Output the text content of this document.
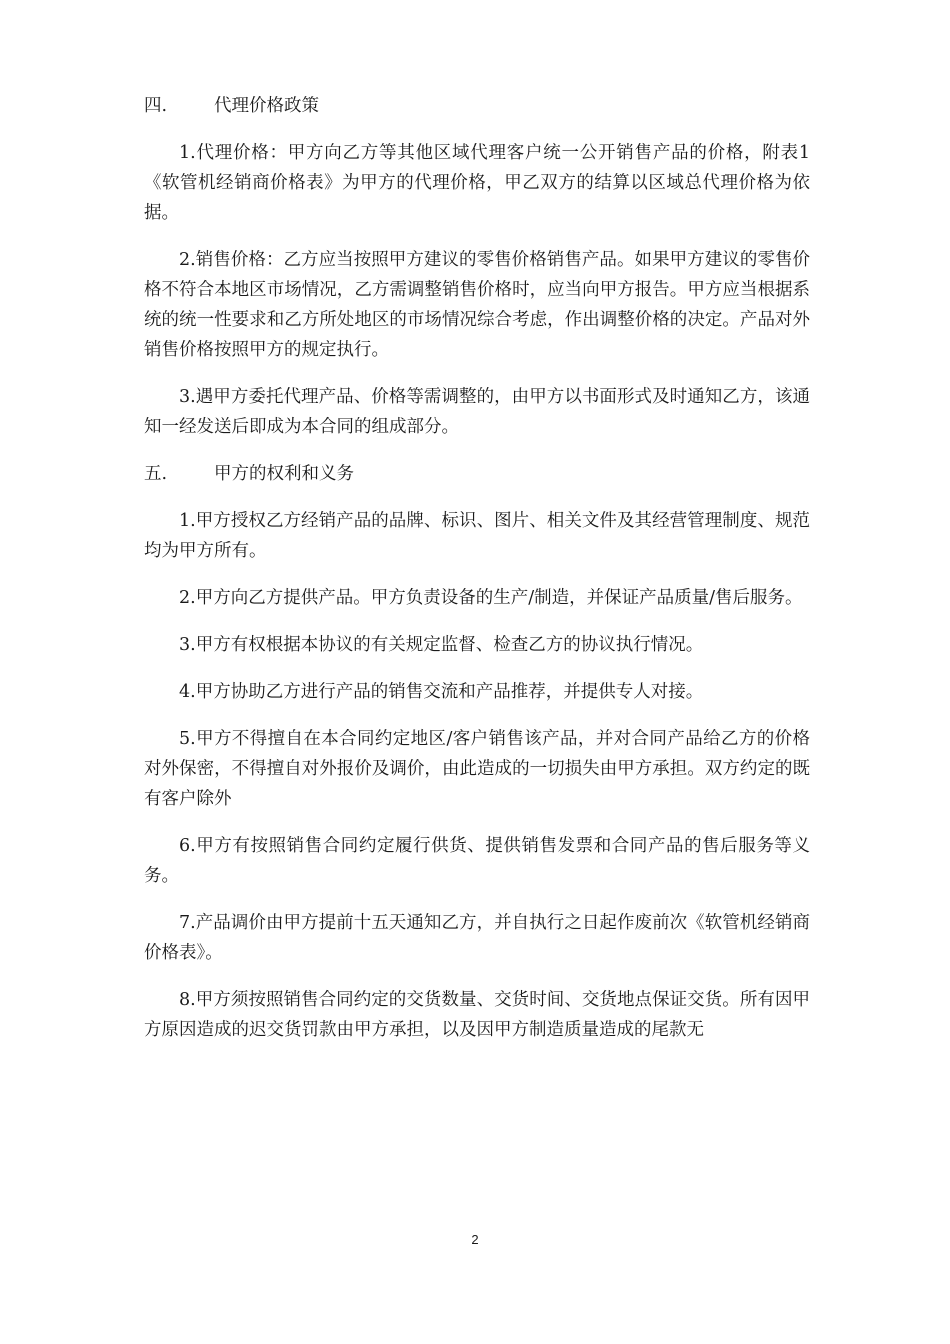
四.	代理价格政策

1.代理价格：甲方向乙方等其他区域代理客户统一公开销售产品的价格，附表1《软管机经销商价格表》为甲方的代理价格，甲乙双方的结算以区域总代理价格为依据。

2.销售价格：乙方应当按照甲方建议的零售价格销售产品。如果甲方建议的零售价格不符合本地区市场情况，乙方需调整销售价格时，应当向甲方报告。甲方应当根据系统的统一性要求和乙方所处地区的市场情况综合考虑，作出调整价格的决定。产品对外销售价格按照甲方的规定执行。

3.遇甲方委托代理产品、价格等需调整的，由甲方以书面形式及时通知乙方，该通知一经发送后即成为本合同的组成部分。

五.	甲方的权利和义务

1.甲方授权乙方经销产品的品牌、标识、图片、相关文件及其经营管理制度、规范均为甲方所有。

2.甲方向乙方提供产品。甲方负责设备的生产/制造，并保证产品质量/售后服务。

3.甲方有权根据本协议的有关规定监督、检查乙方的协议执行情况。

4.甲方协助乙方进行产品的销售交流和产品推荐，并提供专人对接。

5.甲方不得擅自在本合同约定地区/客户销售该产品，并对合同产品给乙方的价格对外保密，不得擅自对外报价及调价，由此造成的一切损失由甲方承担。双方约定的既有客户除外

6.甲方有按照销售合同约定履行供货、提供销售发票和合同产品的售后服务等义务。

7.产品调价由甲方提前十五天通知乙方，并自执行之日起作废前次《软管机经销商价格表》。

8.甲方须按照销售合同约定的交货数量、交货时间、交货地点保证交货。所有因甲方原因造成的迟交货罚款由甲方承担，以及因甲方制造质量造成的尾款无

2
